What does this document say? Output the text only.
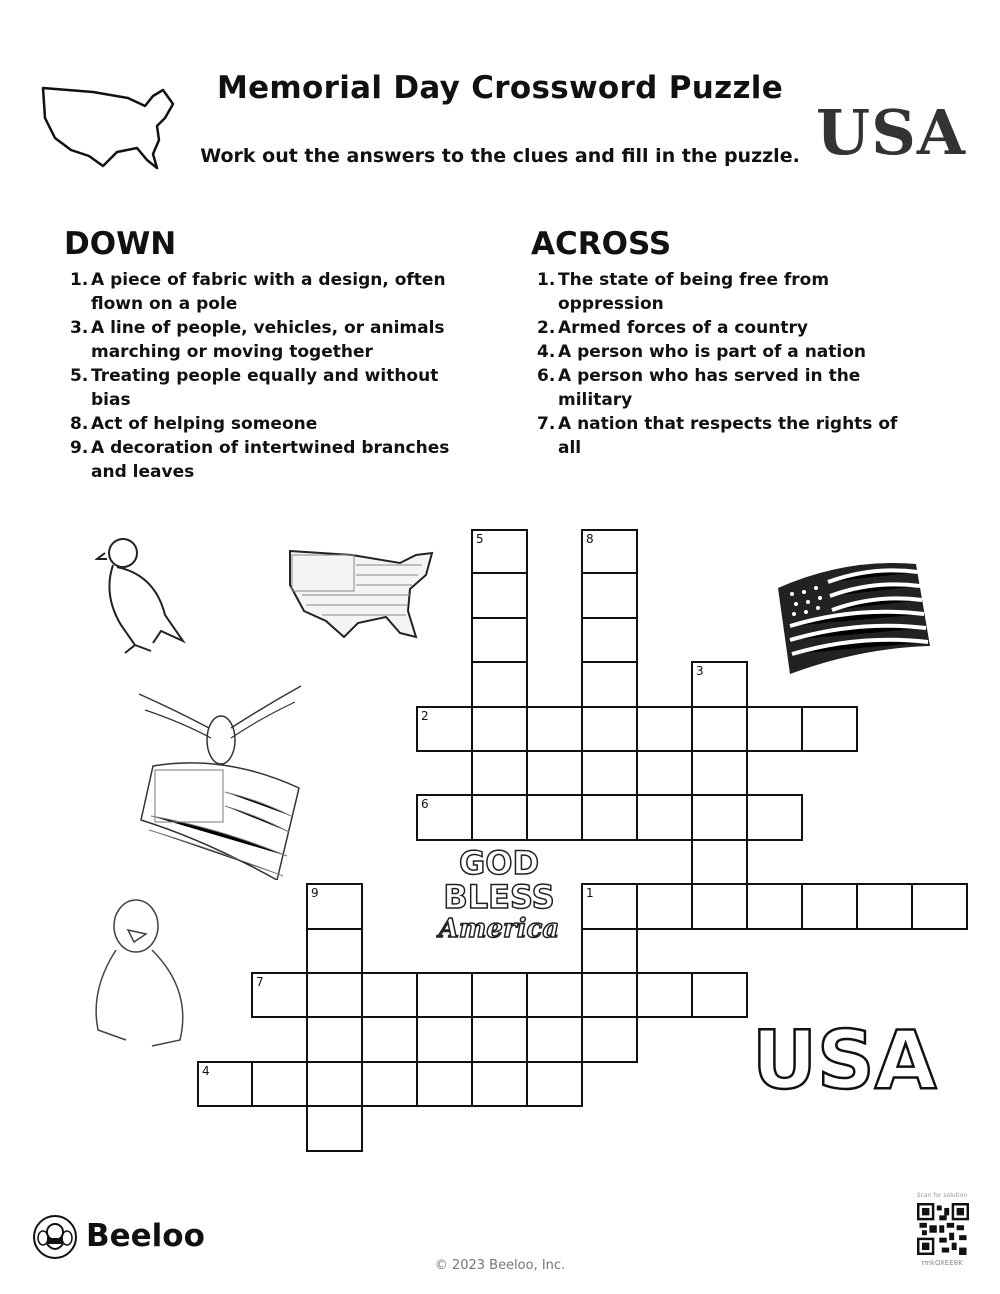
Memorial Day Crossword Puzzle
Work out the answers to the clues and fill in the puzzle. USA
DOWN
1. A piece of fabric with a design, often flown on a pole
3. A line of people, vehicles, or animals marching or moving together
5. Treating people equally and without bias
8. Act of helping someone
9. A decoration of intertwined branches and leaves
ACROSS
1. The state of being free from oppression
2. Armed forces of a country
4. A person who is part of a nation
6. A person who has served in the military
7. A nation that respects the rights of all
GOD
BLESS
America
USA
5	8
3
2
6
9	1
7
4
Beeloo
© 2023 Beeloo, Inc.
Scan for solution
rmkOXEE8K
